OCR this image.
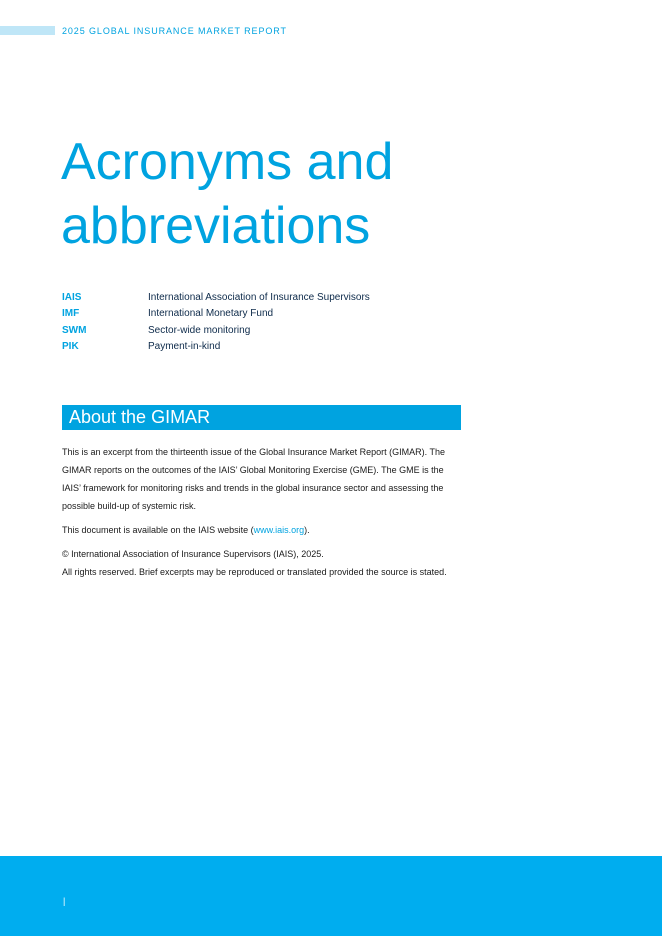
2025 GLOBAL INSURANCE MARKET REPORT
Acronyms and
abbreviations
IAIS	International Association of Insurance Supervisors
IMF	International Monetary Fund
SWM	Sector-wide monitoring
PIK	Payment-in-kind
About the GIMAR

This is an excerpt from the thirteenth issue of the Global Insurance Market Report (GIMAR). The GIMAR reports on the outcomes of the IAIS’ Global Monitoring Exercise (GME). The GME is the IAIS’ framework for monitoring risks and trends in the global insurance sector and assessing the possible build-up of systemic risk.

This document is available on the IAIS website (www.iais.org).

© International Association of Insurance Supervisors (IAIS), 2025.
All rights reserved. Brief excerpts may be reproduced or translated provided the source is stated.

|
